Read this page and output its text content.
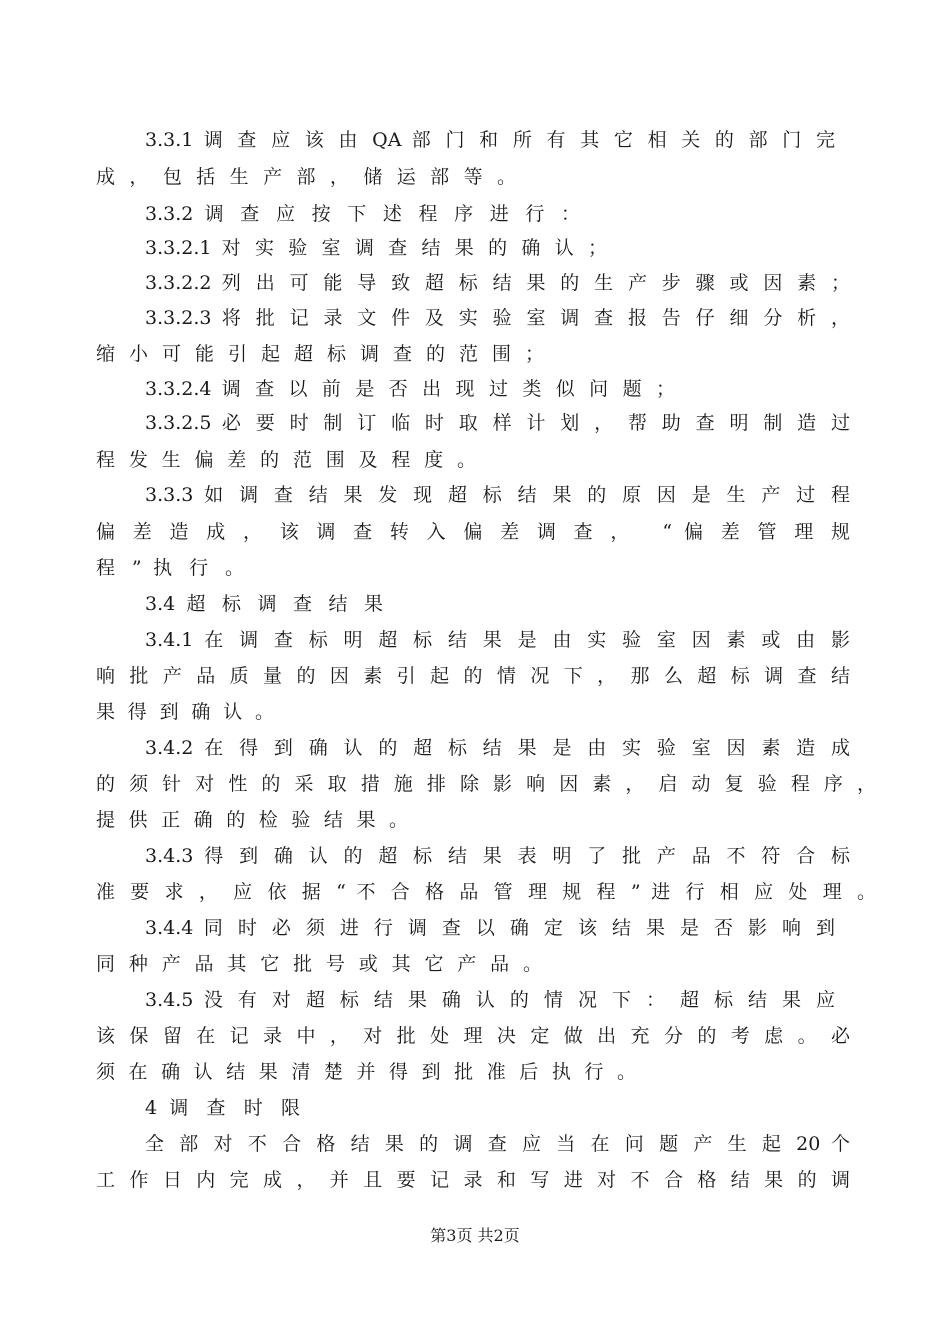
3.3.1 调 查 应 该 由 QA 部 门 和 所 有 其 它 相 关 的 部 门 完
成 ， 包 括 生 产 部 ， 储 运 部 等 。
3.3.2 调 查 应 按 下 述 程 序 进 行 ：
3.3.2.1 对 实 验 室 调 查 结 果 的 确 认 ；
3.3.2.2 列 出 可 能 导 致 超 标 结 果 的 生 产 步 骤 或 因 素 ；
3.3.2.3 将 批 记 录 文 件 及 实 验 室 调 查 报 告 仔 细 分 析 ，
缩 小 可 能 引 起 超 标 调 查 的 范 围 ；
3.3.2.4 调 查 以 前 是 否 出 现 过 类 似 问 题 ；
3.3.2.5 必 要 时 制 订 临 时 取 样 计 划 ， 帮 助 查 明 制 造 过
程 发 生 偏 差 的 范 围 及 程 度 。
3.3.3 如 调 查 结 果 发 现 超 标 结 果 的 原 因 是 生 产 过 程
偏 差 造 成 ， 该 调 查 转 入 偏 差 调 查 ，　 “ 偏 差 管 理 规
程 ” 执 行 。
3.4 超 标 调 查 结 果
3.4.1 在 调 查 标 明 超 标 结 果 是 由 实 验 室 因 素 或 由 影
响 批 产 品 质 量 的 因 素 引 起 的 情 况 下 ， 那 么 超 标 调 查 结
果 得 到 确 认 。
3.4.2 在 得 到 确 认 的 超 标 结 果 是 由 实 验 室 因 素 造 成
的 须 针 对 性 的 采 取 措 施 排 除 影 响 因 素 ， 启 动 复 验 程 序 ，
提 供 正 确 的 检 验 结 果 。
3.4.3 得 到 确 认 的 超 标 结 果 表 明 了 批 产 品 不 符 合 标
准 要 求 ， 应 依 据 “ 不 合 格 品 管 理 规 程 ” 进 行 相 应 处 理 。
3.4.4 同 时 必 须 进 行 调 查 以 确 定 该 结 果 是 否 影 响 到
同 种 产 品 其 它 批 号 或 其 它 产 品 。
3.4.5 没 有 对 超 标 结 果 确 认 的 情 况 下 ： 超 标 结 果 应
该 保 留 在 记 录 中 ， 对 批 处 理 决 定 做 出 充 分 的 考 虑 。 必
须 在 确 认 结 果 清 楚 并 得 到 批 准 后 执 行 。
4 调 查 时 限
全 部 对 不 合 格 结 果 的 调 查 应 当 在 问 题 产 生 起 20 个
工 作 日 内 完 成 ， 并 且 要 记 录 和 写 进 对 不 合 格 结 果 的 调
第3页 共2页
